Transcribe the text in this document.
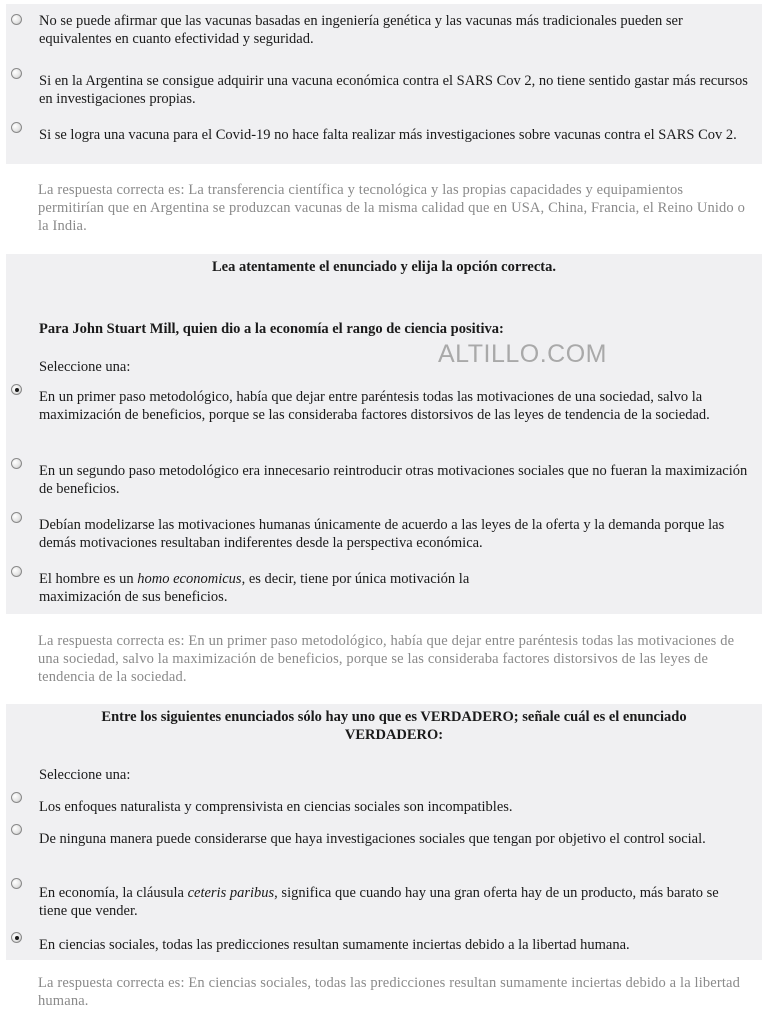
No se puede afirmar que las vacunas basadas en ingeniería genética y las vacunas más tradicionales pueden ser equivalentes en cuanto efectividad y seguridad.
Si en la Argentina se consigue adquirir una vacuna económica contra el SARS Cov 2, no tiene sentido gastar más recursos en investigaciones propias.
Si se logra una vacuna para el Covid-19 no hace falta realizar más investigaciones sobre vacunas contra el SARS Cov 2.
La respuesta correcta es: La transferencia científica y tecnológica y las propias capacidades y equipamientos permitirían que en Argentina se produzcan vacunas de la misma calidad que en USA, China, Francia, el Reino Unido o la India.
Lea atentamente el enunciado y elija la opción correcta.
Para John Stuart Mill, quien dio a la economía el rango de ciencia positiva:
Seleccione una:
En un primer paso metodológico, había que dejar entre paréntesis todas las motivaciones de una sociedad, salvo la maximización de beneficios, porque se las consideraba factores distorsivos de las leyes de tendencia de la sociedad.
En un segundo paso metodológico era innecesario reintroducir otras motivaciones sociales que no fueran la maximización de beneficios.
Debían modelizarse las motivaciones humanas únicamente de acuerdo a las leyes de la oferta y la demanda porque las demás motivaciones resultaban indiferentes desde la perspectiva económica.
El hombre es un homo economicus, es decir, tiene por única motivación la
maximización de sus beneficios.
ALTILLO.COM
La respuesta correcta es: En un primer paso metodológico, había que dejar entre paréntesis todas las motivaciones de una sociedad, salvo la maximización de beneficios, porque se las consideraba factores distorsivos de las leyes de tendencia de la sociedad.
Entre los siguientes enunciados sólo hay uno que es VERDADERO; señale cuál es el enunciado
VERDADERO:
Seleccione una:
Los enfoques naturalista y comprensivista en ciencias sociales son incompatibles.
De ninguna manera puede considerarse que haya investigaciones sociales que tengan por objetivo el control social.
En economía, la cláusula ceteris paribus, significa que cuando hay una gran oferta hay de un producto, más barato se tiene que vender.
En ciencias sociales, todas las predicciones resultan sumamente inciertas debido a la libertad humana.
La respuesta correcta es: En ciencias sociales, todas las predicciones resultan sumamente inciertas debido a la libertad humana.
